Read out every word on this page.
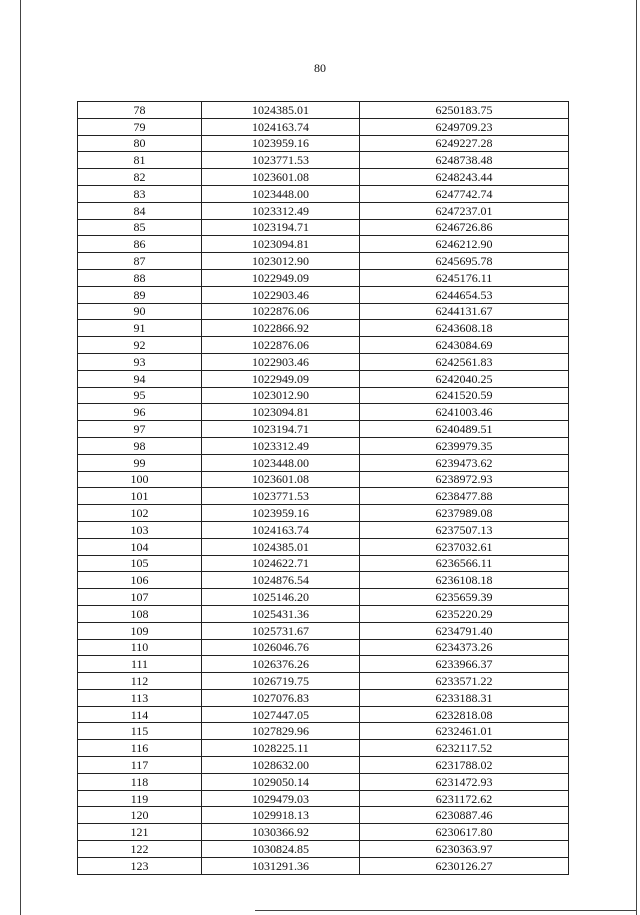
80
78	1024385.01	6250183.75
79	1024163.74	6249709.23
80	1023959.16	6249227.28
81	1023771.53	6248738.48
82	1023601.08	6248243.44
83	1023448.00	6247742.74
84	1023312.49	6247237.01
85	1023194.71	6246726.86
86	1023094.81	6246212.90
87	1023012.90	6245695.78
88	1022949.09	6245176.11
89	1022903.46	6244654.53
90	1022876.06	6244131.67
91	1022866.92	6243608.18
92	1022876.06	6243084.69
93	1022903.46	6242561.83
94	1022949.09	6242040.25
95	1023012.90	6241520.59
96	1023094.81	6241003.46
97	1023194.71	6240489.51
98	1023312.49	6239979.35
99	1023448.00	6239473.62
100	1023601.08	6238972.93
101	1023771.53	6238477.88
102	1023959.16	6237989.08
103	1024163.74	6237507.13
104	1024385.01	6237032.61
105	1024622.71	6236566.11
106	1024876.54	6236108.18
107	1025146.20	6235659.39
108	1025431.36	6235220.29
109	1025731.67	6234791.40
110	1026046.76	6234373.26
111	1026376.26	6233966.37
112	1026719.75	6233571.22
113	1027076.83	6233188.31
114	1027447.05	6232818.08
115	1027829.96	6232461.01
116	1028225.11	6232117.52
117	1028632.00	6231788.02
118	1029050.14	6231472.93
119	1029479.03	6231172.62
120	1029918.13	6230887.46
121	1030366.92	6230617.80
122	1030824.85	6230363.97
123	1031291.36	6230126.27
